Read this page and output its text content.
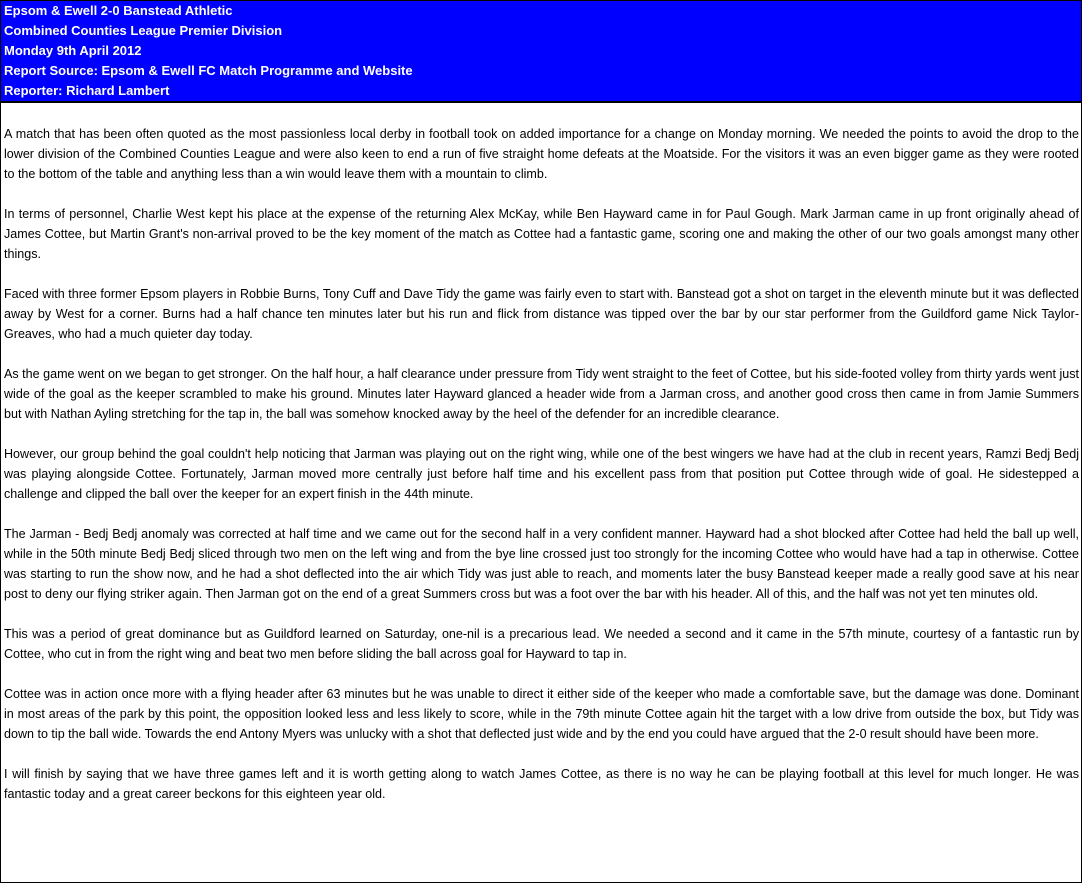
Epsom & Ewell 2-0 Banstead Athletic
Combined Counties League Premier Division
Monday 9th April 2012
Report Source: Epsom & Ewell FC Match Programme and Website
Reporter: Richard Lambert

A match that has been often quoted as the most passionless local derby in football took on added importance for a change on Monday morning. We needed the points to avoid the drop to the lower division of the Combined Counties League and were also keen to end a run of five straight home defeats at the Moatside. For the visitors it was an even bigger game as they were rooted to the bottom of the table and anything less than a win would leave them with a mountain to climb.

In terms of personnel, Charlie West kept his place at the expense of the returning Alex McKay, while Ben Hayward came in for Paul Gough. Mark Jarman came in up front originally ahead of James Cottee, but Martin Grant's non-arrival proved to be the key moment of the match as Cottee had a fantastic game, scoring one and making the other of our two goals amongst many other things.

Faced with three former Epsom players in Robbie Burns, Tony Cuff and Dave Tidy the game was fairly even to start with. Banstead got a shot on target in the eleventh minute but it was deflected away by West for a corner. Burns had a half chance ten minutes later but his run and flick from distance was tipped over the bar by our star performer from the Guildford game Nick Taylor-Greaves, who had a much quieter day today.

As the game went on we began to get stronger. On the half hour, a half clearance under pressure from Tidy went straight to the feet of Cottee, but his side-footed volley from thirty yards went just wide of the goal as the keeper scrambled to make his ground. Minutes later Hayward glanced a header wide from a Jarman cross, and another good cross then came in from Jamie Summers but with Nathan Ayling stretching for the tap in, the ball was somehow knocked away by the heel of the defender for an incredible clearance.

However, our group behind the goal couldn't help noticing that Jarman was playing out on the right wing, while one of the best wingers we have had at the club in recent years, Ramzi Bedj Bedj was playing alongside Cottee. Fortunately, Jarman moved more centrally just before half time and his excellent pass from that position put Cottee through wide of goal. He sidestepped a challenge and clipped the ball over the keeper for an expert finish in the 44th minute.

The Jarman - Bedj Bedj anomaly was corrected at half time and we came out for the second half in a very confident manner. Hayward had a shot blocked after Cottee had held the ball up well, while in the 50th minute Bedj Bedj sliced through two men on the left wing and from the bye line crossed just too strongly for the incoming Cottee who would have had a tap in otherwise. Cottee was starting to run the show now, and he had a shot deflected into the air which Tidy was just able to reach, and moments later the busy Banstead keeper made a really good save at his near post to deny our flying striker again. Then Jarman got on the end of a great Summers cross but was a foot over the bar with his header. All of this, and the half was not yet ten minutes old.

This was a period of great dominance but as Guildford learned on Saturday, one-nil is a precarious lead. We needed a second and it came in the 57th minute, courtesy of a fantastic run by Cottee, who cut in from the right wing and beat two men before sliding the ball across goal for Hayward to tap in.

Cottee was in action once more with a flying header after 63 minutes but he was unable to direct it either side of the keeper who made a comfortable save, but the damage was done. Dominant in most areas of the park by this point, the opposition looked less and less likely to score, while in the 79th minute Cottee again hit the target with a low drive from outside the box, but Tidy was down to tip the ball wide. Towards the end Antony Myers was unlucky with a shot that deflected just wide and by the end you could have argued that the 2-0 result should have been more.

I will finish by saying that we have three games left and it is worth getting along to watch James Cottee, as there is no way he can be playing football at this level for much longer. He was fantastic today and a great career beckons for this eighteen year old.
